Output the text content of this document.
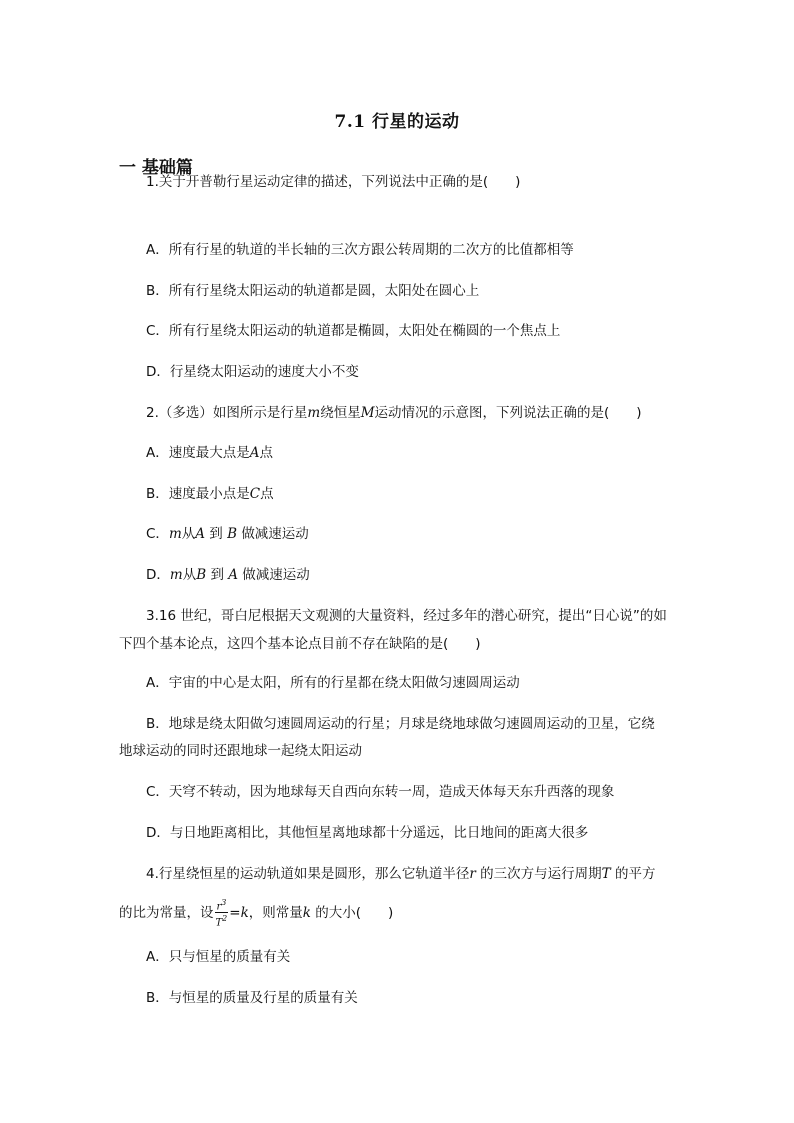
7.1 行星的运动
一 基础篇
1.关于开普勒行星运动定律的描述，下列说法中正确的是(　　)
A．所有行星的轨道的半长轴的三次方跟公转周期的二次方的比值都相等
B．所有行星绕太阳运动的轨道都是圆，太阳处在圆心上
C．所有行星绕太阳运动的轨道都是椭圆，太阳处在椭圆的一个焦点上
D．行星绕太阳运动的速度大小不变
2.（多选）如图所示是行星m绕恒星M运动情况的示意图，下列说法正确的是(　　)
A．速度最大点是A点
B．速度最小点是C点
C．m从A 到 B 做减速运动
D．m从B 到 A 做减速运动
3.16 世纪，哥白尼根据天文观测的大量资料，经过多年的潜心研究，提出“日心说”的如
下四个基本论点，这四个基本论点目前不存在缺陷的是(　　)
A．宇宙的中心是太阳，所有的行星都在绕太阳做匀速圆周运动
B．地球是绕太阳做匀速圆周运动的行星；月球是绕地球做匀速圆周运动的卫星，它绕
地球运动的同时还跟地球一起绕太阳运动
C．天穹不转动，因为地球每天自西向东转一周，造成天体每天东升西落的现象
D．与日地距离相比，其他恒星离地球都十分遥远，比日地间的距离大很多
4.行星绕恒星的运动轨道如果是圆形，那么它轨道半径r 的三次方与运行周期T 的平方
的比为常量，设 $\frac{r^3}{T^2} =k$，则常量k 的大小(　　)
A．只与恒星的质量有关
B．与恒星的质量及行星的质量有关
